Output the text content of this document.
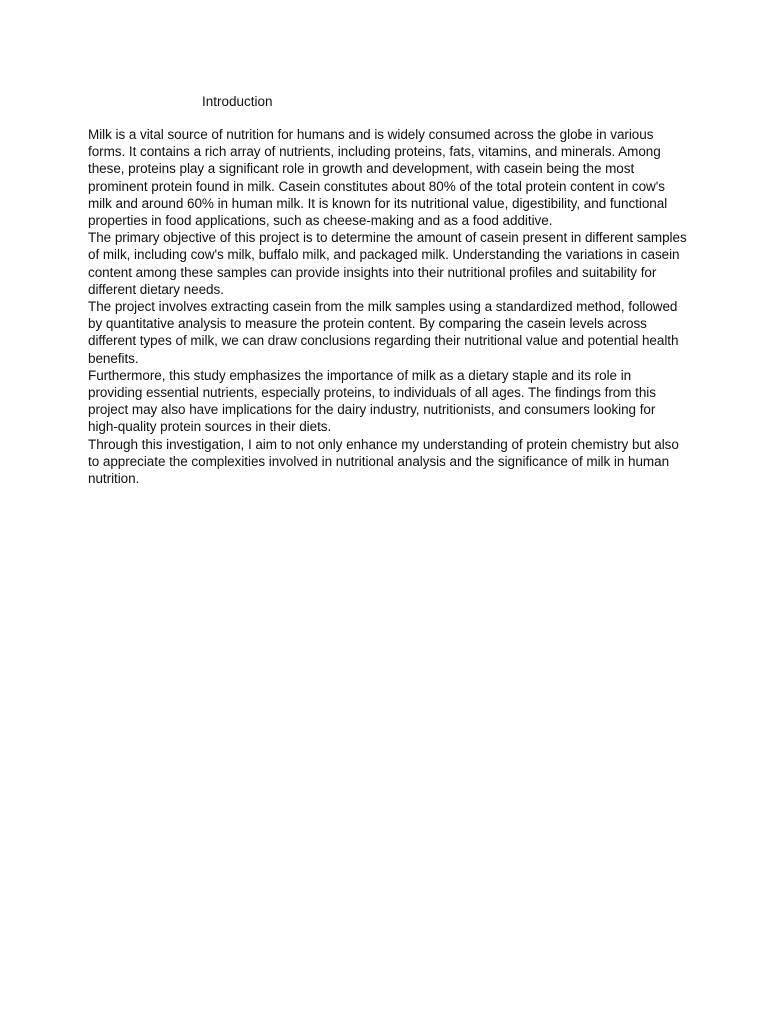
Introduction

Milk is a vital source of nutrition for humans and is widely consumed across the globe in various forms. It contains a rich array of nutrients, including proteins, fats, vitamins, and minerals. Among these, proteins play a significant role in growth and development, with casein being the most prominent protein found in milk. Casein constitutes about 80% of the total protein content in cow's milk and around 60% in human milk. It is known for its nutritional value, digestibility, and functional properties in food applications, such as cheese-making and as a food additive.

The primary objective of this project is to determine the amount of casein present in different samples of milk, including cow's milk, buffalo milk, and packaged milk. Understanding the variations in casein content among these samples can provide insights into their nutritional profiles and suitability for different dietary needs.

The project involves extracting casein from the milk samples using a standardized method, followed by quantitative analysis to measure the protein content. By comparing the casein levels across different types of milk, we can draw conclusions regarding their nutritional value and potential health benefits.

Furthermore, this study emphasizes the importance of milk as a dietary staple and its role in providing essential nutrients, especially proteins, to individuals of all ages. The findings from this project may also have implications for the dairy industry, nutritionists, and consumers looking for high-quality protein sources in their diets.

Through this investigation, I aim to not only enhance my understanding of protein chemistry but also to appreciate the complexities involved in nutritional analysis and the significance of milk in human nutrition.
